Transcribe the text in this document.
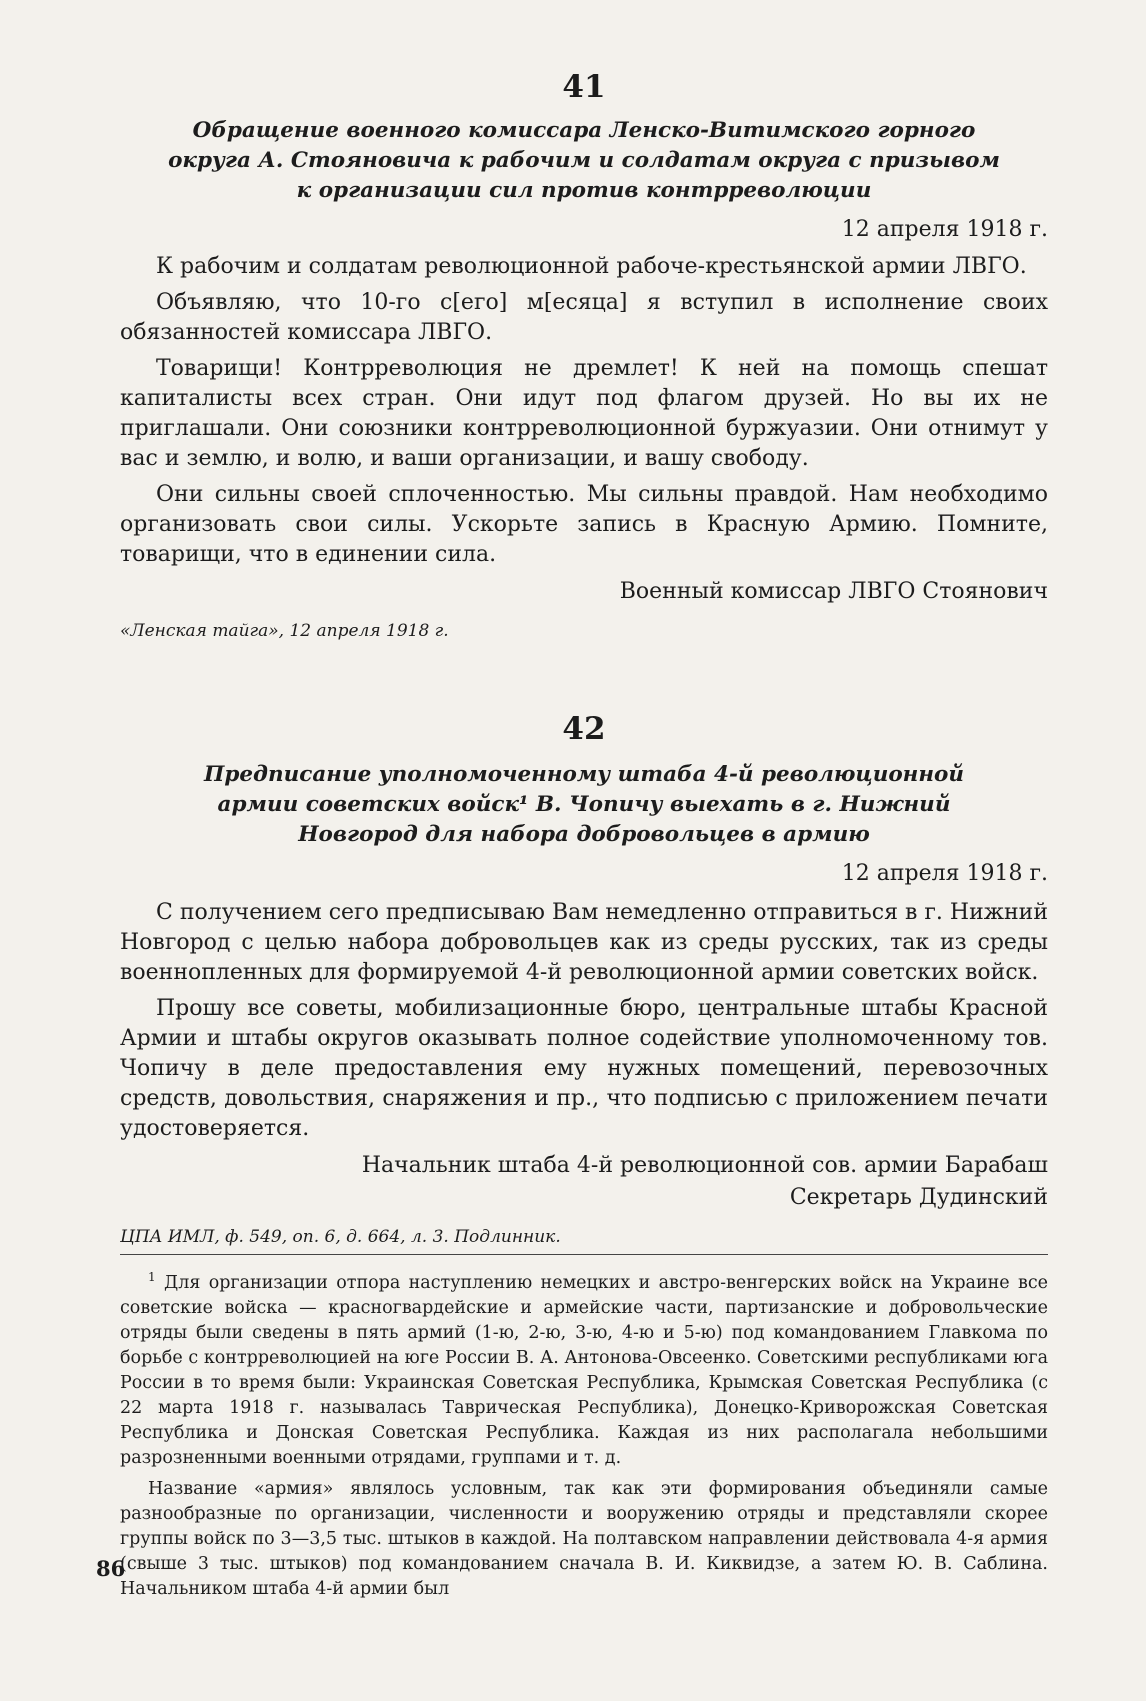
41
Обращение военного комиссара Ленско-Витимского горного округа А. Стояновича к рабочим и солдатам округа с призывом к организации сил против контрреволюции
12 апреля 1918 г.

К рабочим и солдатам революционной рабоче-крестьянской армии ЛВГО.

Объявляю, что 10-го с[его] м[есяца] я вступил в исполнение своих обязанностей комиссара ЛВГО.

Товарищи! Контрреволюция не дремлет! К ней на помощь спешат капиталисты всех стран. Они идут под флагом друзей. Но вы их не приглашали. Они союзники контрреволюционной буржуазии. Они отнимут у вас и землю, и волю, и ваши организации, и вашу свободу.

Они сильны своей сплоченностью. Мы сильны правдой. Нам необходимо организовать свои силы. Ускорьте запись в Красную Армию. Помните, товарищи, что в единении сила.

Военный комиссар ЛВГО Стоянович
«Ленская тайга», 12 апреля 1918 г.
42
Предписание уполномоченному штаба 4-й революционной армии советских войск¹ В. Чопичу выехать в г. Нижний Новгород для набора добровольцев в армию
12 апреля 1918 г.

С получением сего предписываю Вам немедленно отправиться в г. Нижний Новгород с целью набора добровольцев как из среды русских, так из среды военнопленных для формируемой 4-й революционной армии советских войск.

Прошу все советы, мобилизационные бюро, центральные штабы Красной Армии и штабы округов оказывать полное содействие уполномоченному тов. Чопичу в деле предоставления ему нужных помещений, перевозочных средств, довольствия, снаряжения и пр., что подписью с приложением печати удостоверяется.

Начальник штаба 4-й революционной сов. армии Барабаш
Секретарь Дудинский
ЦПА ИМЛ, ф. 549, оп. 6, д. 664, л. 3. Подлинник.

$^1$ Для организации отпора наступлению немецких и австро-венгерских войск на Украине все советские войска — красногвардейские и армейские части, партизанские и добровольческие отряды были сведены в пять армий (1-ю, 2-ю, 3-ю, 4-ю и 5-ю) под командованием Главкома по борьбе с контрреволюцией на юге России В. А. Антонова-Овсеенко. Советскими республиками юга России в то время были: Украинская Советская Республика, Крымская Советская Республика (с 22 марта 1918 г. называлась Таврическая Республика), Донецко-Криворожская Советская Республика и Донская Советская Республика. Каждая из них располагала небольшими разрозненными военными отрядами, группами и т. д.

Название «армия» являлось условным, так как эти формирования объединяли самые разнообразные по организации, численности и вооружению отряды и представляли скорее группы войск по 3—3,5 тыс. штыков в каждой. На полтавском направлении действовала 4-я армия (свыше 3 тыс. штыков) под командованием сначала В. И. Киквидзе, а затем Ю. В. Саблина. Начальником штаба 4-й армии был

86
